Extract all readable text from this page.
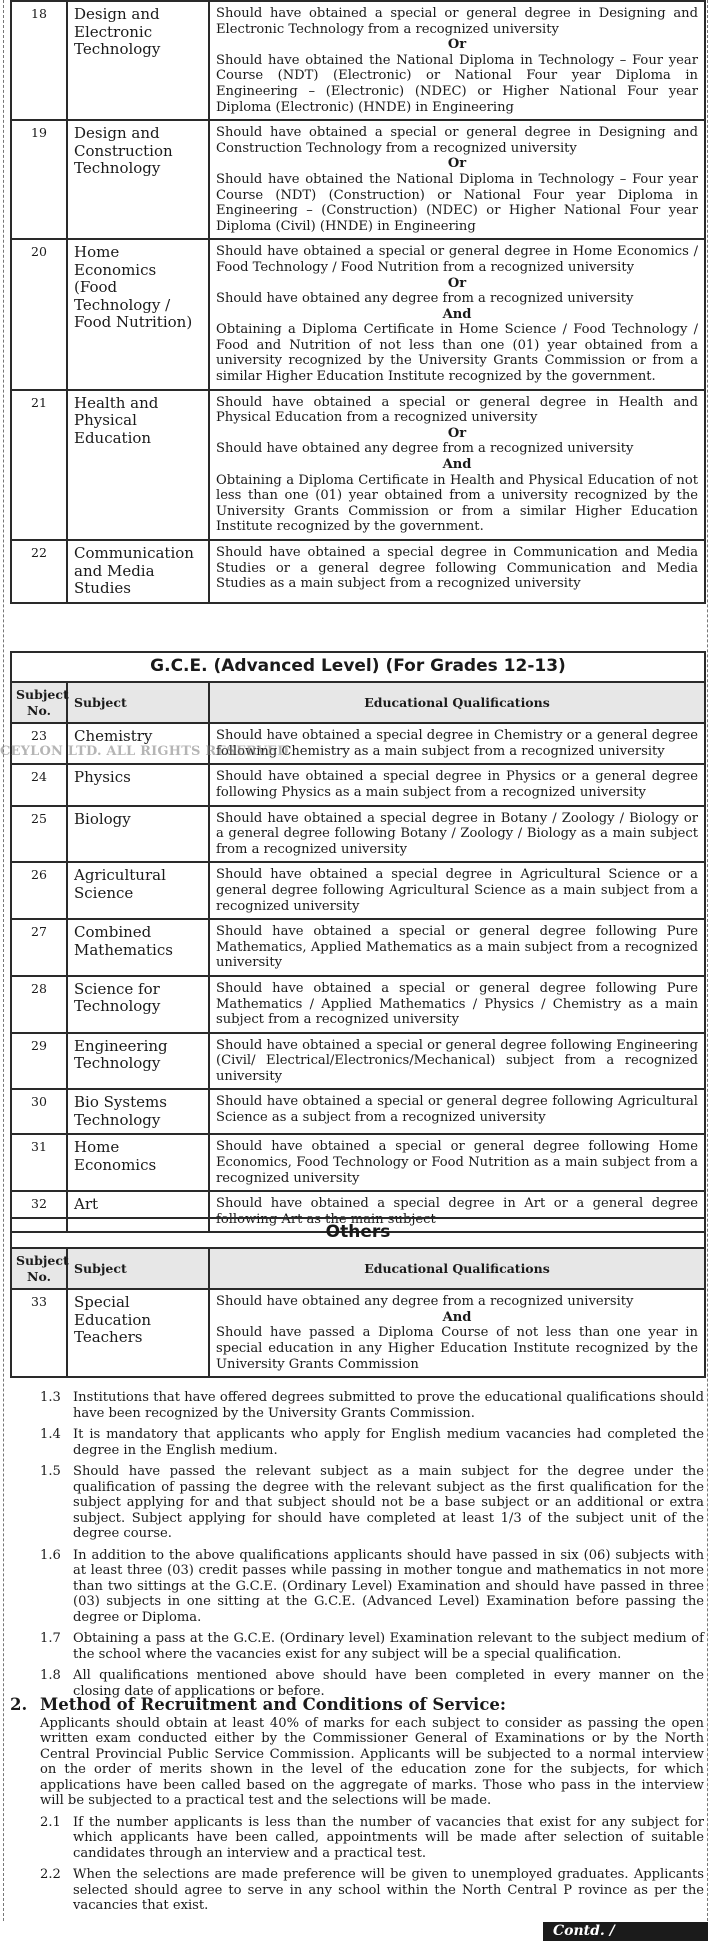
18	Design and Electronic Technology	Should have obtained a special or general degree in Designing and Electronic Technology from a recognized university

Or

Should have obtained the National Diploma in Technology – Four year Course (NDT) (Electronic) or National Four year Diploma in Engineering – (Electronic) (NDEC) or Higher National Four year Diploma (Electronic) (HNDE) in Engineering

19	Design and Construction Technology	Should have obtained a special or general degree in Designing and Construction Technology from a recognized university

Or

Should have obtained the National Diploma in Technology – Four year Course (NDT) (Construction) or National Four year Diploma in Engineering – (Construction) (NDEC) or Higher National Four year Diploma (Civil) (HNDE) in Engineering

20	Home Economics (Food Technology / Food Nutrition)	Should have obtained a special or general degree in Home Economics / Food Technology / Food Nutrition from a recognized university

Or

Should have obtained any degree from a recognized university

And

Obtaining a Diploma Certificate in Home Science / Food Technology / Food and Nutrition of not less than one (01) year obtained from a university recognized by the University Grants Commission or from a similar Higher Education Institute recognized by the government.

21	Health and Physical Education	Should have obtained a special or general degree in Health and Physical Education from a recognized university

Or

Should have obtained any degree from a recognized university

And

Obtaining a Diploma Certificate in Health and Physical Education of not less than one (01) year obtained from a university recognized by the University Grants Commission or from a similar Higher Education Institute recognized by the government.

22	Communication and Media Studies	Should have obtained a special degree in Communication and Media Studies or a general degree following Communication and Media Studies as a main subject from a recognized university

G.C.E. (Advanced Level) (For Grades 12-13)		
Subject No.	Subject	Educational Qualifications
23	Chemistry	Should have obtained a special degree in Chemistry or a general degree following Chemistry as a main subject from a recognized university

24	Physics	Should have obtained a special degree in Physics or a general degree following Physics as a main subject from a recognized university

25	Biology	Should have obtained a special degree in Botany / Zoology / Biology or a general degree following Botany / Zoology / Biology as a main subject from a recognized university

26	Agricultural Science	Should have obtained a special degree in Agricultural Science or a general degree following Agricultural Science as a main subject from a recognized university

27	Combined Mathematics	Should have obtained a special or general degree following Pure Mathematics, Applied Mathematics as a main subject from a recognized university

28	Science for Technology	Should have obtained a special or general degree following Pure Mathematics / Applied Mathematics / Physics / Chemistry as a main subject from a recognized university

29	Engineering Technology	Should have obtained a special or general degree following Engineering (Civil/ Electrical/Electronics/Mechanical) subject from a recognized university

30	Bio Systems Technology	Should have obtained a special or general degree following Agricultural Science as a subject from a recognized university

31	Home Economics	Should have obtained a special or general degree following Home Economics, Food Technology or Food Nutrition as a main subject from a recognized university

32	Art	Should have obtained a special degree in Art or a general degree following Art as the main subject

Others		
Subject No.	Subject	Educational Qualifications
33	Special Education Teachers	Should have obtained any degree from a recognized university

And

Should have passed a Diploma Course of not less than one year in special education in any Higher Education Institute recognized by the University Grants Commission

CEYLON LTD. ALL RIGHTS RESERVED
1.3 Institutions that have offered degrees submitted to prove the educational qualifications should have been recognized by the University Grants Commission.
1.4 It is mandatory that applicants who apply for English medium vacancies had completed the degree in the English medium.
1.5 Should have passed the relevant subject as a main subject for the degree under the qualification of passing the degree with the relevant subject as the first qualification for the subject applying for and that subject should not be a base subject or an additional or extra subject. Subject applying for should have completed at least 1/3 of the subject unit of the degree course.
1.6 In addition to the above qualifications applicants should have passed in six (06) subjects with at least three (03) credit passes while passing in mother tongue and mathematics in not more than two sittings at the G.C.E. (Ordinary Level) Examination and should have passed in three (03) subjects in one sitting at the G.C.E. (Advanced Level) Examination before passing the degree or Diploma.
1.7 Obtaining a pass at the G.C.E. (Ordinary level) Examination relevant to the subject medium of the school where the vacancies exist for any subject will be a special qualification.
1.8 All qualifications mentioned above should have been completed in every manner on the closing date of applications or before.
2. Method of Recruitment and Conditions of Service:

Applicants should obtain at least 40% of marks for each subject to consider as passing the open written exam conducted either by the Commissioner General of Examinations or by the North Central Provincial Public Service Commission. Applicants will be subjected to a normal interview on the order of merits shown in the level of the education zone for the subjects, for which applications have been called based on the aggregate of marks. Those who pass in the interview will be subjected to a practical test and the selections will be made.

2.1 If the number applicants is less than the number of vacancies that exist for any subject for which applicants have been called, appointments will be made after selection of suitable candidates through an interview and a practical test.
2.2 When the selections are made preference will be given to unemployed graduates. Applicants selected should agree to serve in any school within the North Central P rovince as per the vacancies that exist.
Contd. /
